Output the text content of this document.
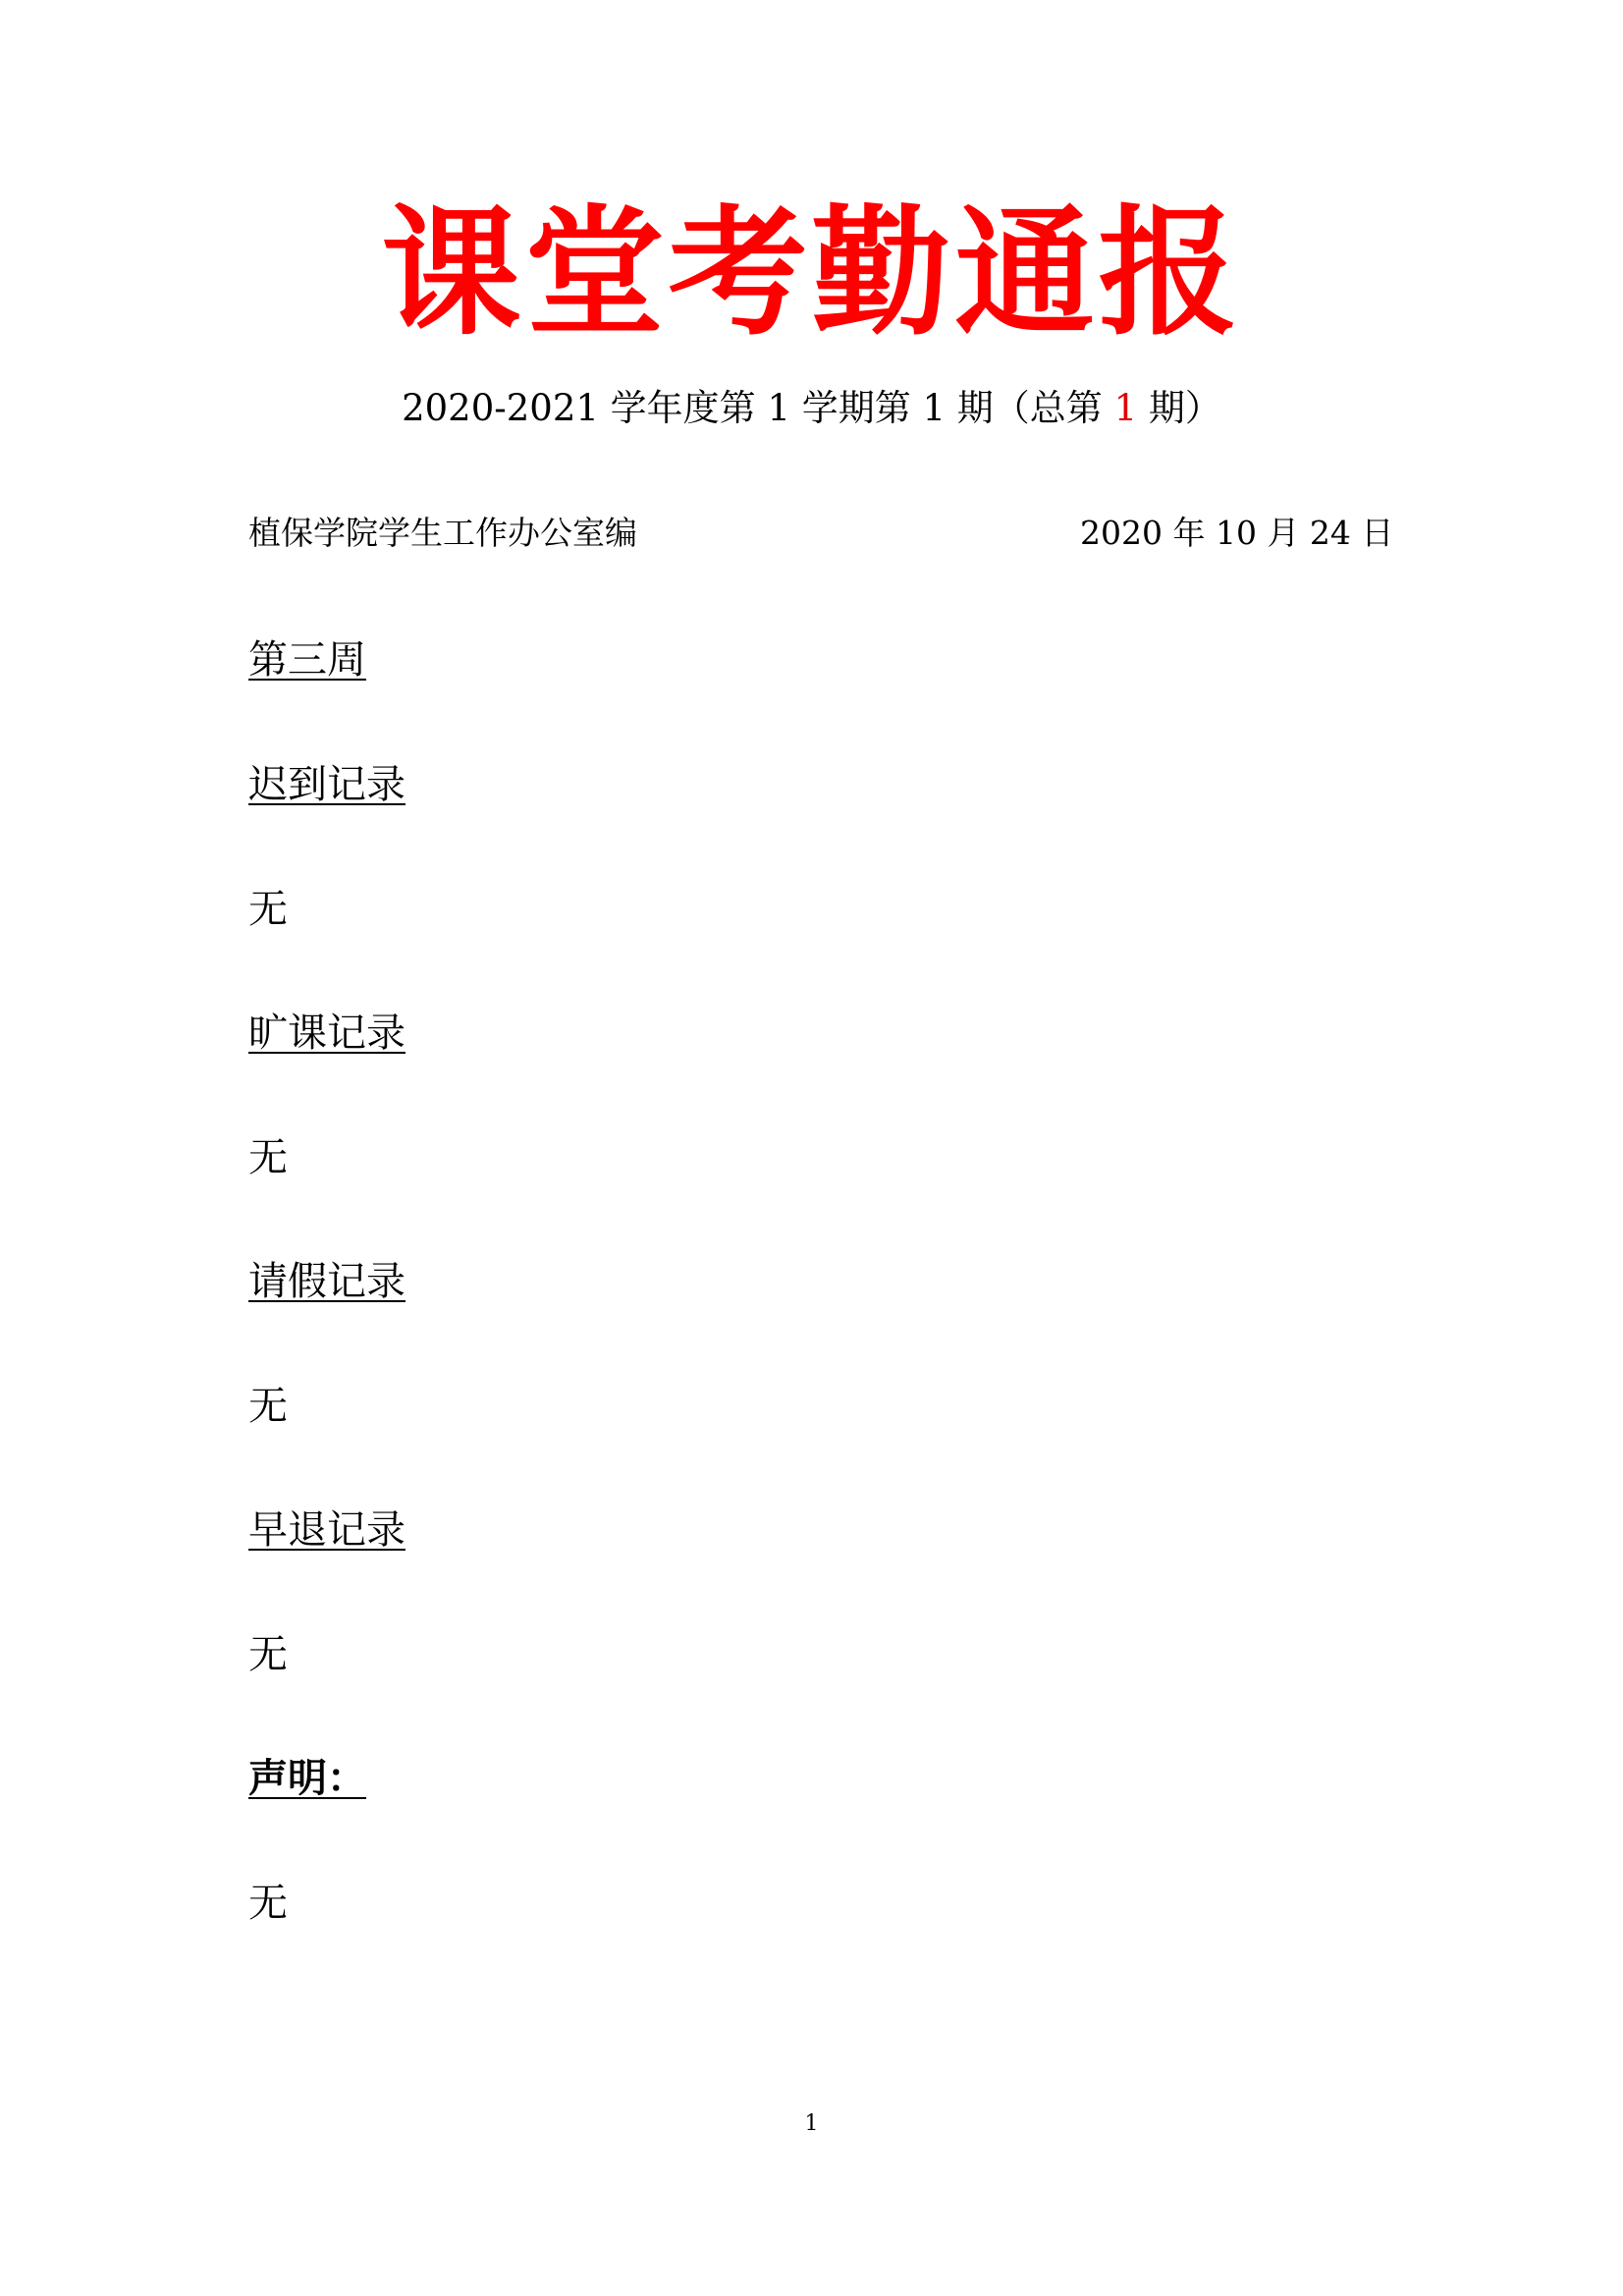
课堂考勤通报
2020-2021 学年度第 1 学期第 1 期（总第 1 期）
植保学院学生工作办公室编	2020 年 10 月 24 日
第三周
迟到记录
无
旷课记录
无
请假记录
无
早退记录
无
声明：
无
1
